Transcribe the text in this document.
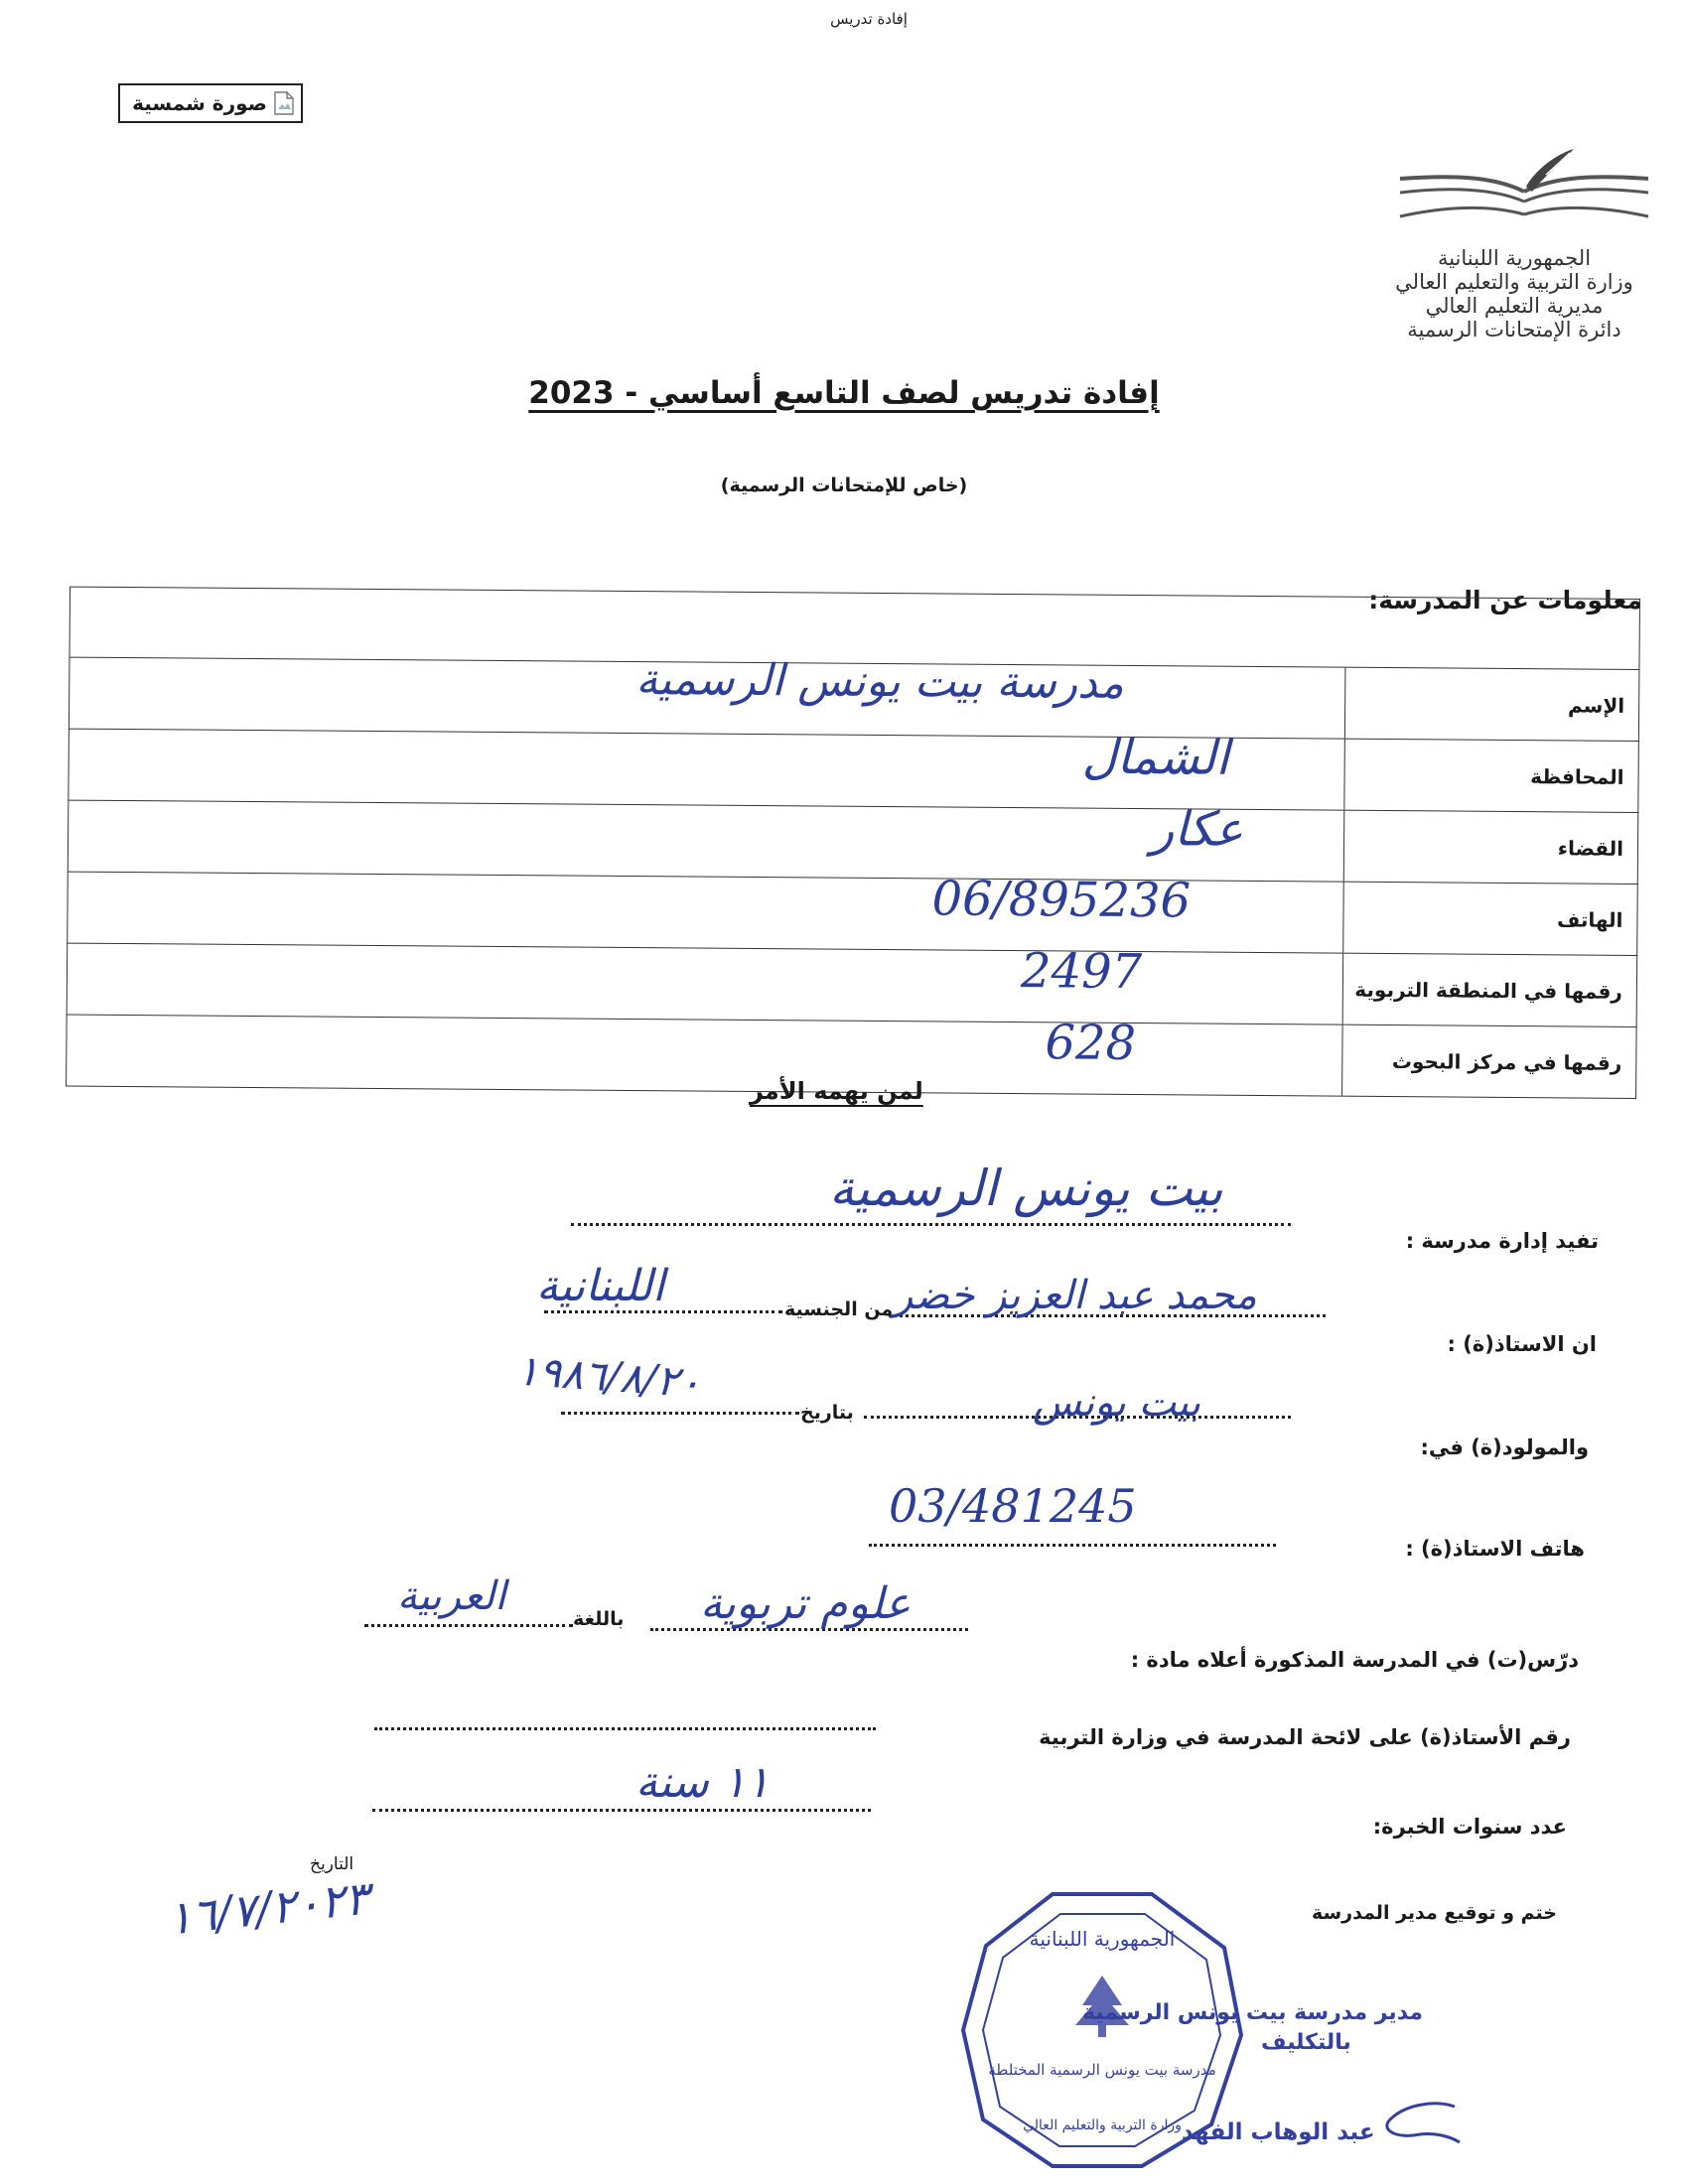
إفادة تدريس
صورة شمسية
الجمهورية اللبنانية
وزارة التربية والتعليم العالي
مديرية التعليم العالي
دائرة الإمتحانات الرسمية
إفادة تدريس لصف التاسع أساسي - 2023
(خاص للإمتحانات الرسمية)
معلومات عن المدرسة:
الإسم
مدرسة بيت يونس الرسمية
المحافظة
الشمال
القضاء
عكار
الهاتف
06/895236
رقمها في المنطقة التربوية
2497
رقمها في مركز البحوث
628
لمن يهمه الأمر
تفيد إدارة مدرسة :
بيت يونس الرسمية
ان الاستاذ(ة) :
محمد عبد العزيز خضر
من الجنسية
اللبنانية
والمولود(ة) في:
بيت يونس
بتاريخ
١٩٨٦/٨/٢٠
هاتف الاستاذ(ة) :
03/481245
درّس(ت) في المدرسة المذكورة أعلاه مادة :
علوم تربوية
باللغة
العربية
رقم الأستاذ(ة) على لائحة المدرسة في وزارة التربية
عدد سنوات الخبرة:
١١ سنة
ختم و توقيع مدير المدرسة
التاريخ
١٦/٧/٢٠٢٣	الجمهورية اللبنانية
مدرسة بيت يونس الرسمية المختلطة
وزارة التربية والتعليم العالي
مدير مدرسة بيت يونس الرسمية
بالتكليف
عبد الوهاب الفهد
